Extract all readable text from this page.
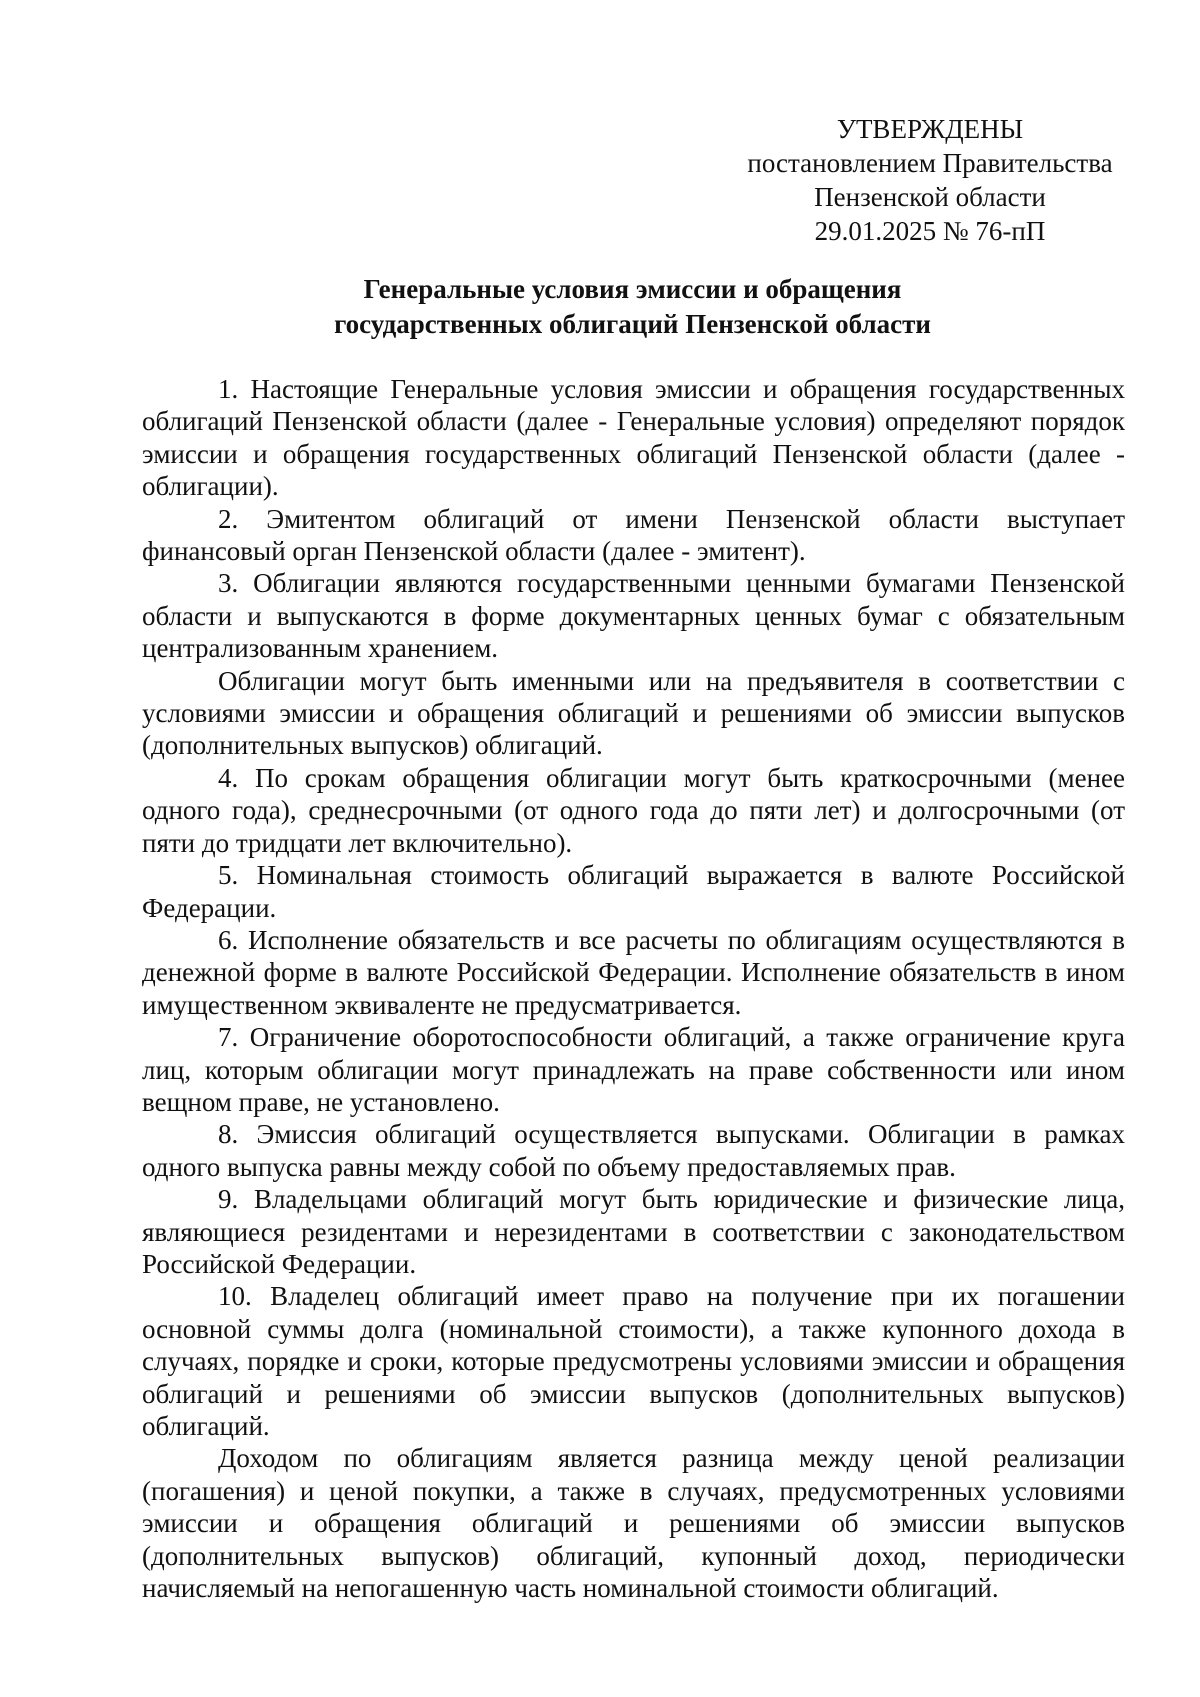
УТВЕРЖДЕНЫ
постановлением Правительства
Пензенской области
29.01.2025 № 76-пП
Генеральные условия эмиссии и обращения
государственных облигаций Пензенской области

1. Настоящие Генеральные условия эмиссии и обращения государственных облигаций Пензенской области (далее - Генеральные условия) определяют порядок эмиссии и обращения государственных облигаций Пензенской области (далее - облигации).

2. Эмитентом облигаций от имени Пензенской области выступает финансовый орган Пензенской области (далее - эмитент).

3. Облигации являются государственными ценными бумагами Пензенской области и выпускаются в форме документарных ценных бумаг с обязательным централизованным хранением.

Облигации могут быть именными или на предъявителя в соответствии с условиями эмиссии и обращения облигаций и решениями об эмиссии выпусков (дополнительных выпусков) облигаций.

4. По срокам обращения облигации могут быть краткосрочными (менее одного года), среднесрочными (от одного года до пяти лет) и долгосрочными (от пяти до тридцати лет включительно).

5. Номинальная стоимость облигаций выражается в валюте Российской Федерации.

6. Исполнение обязательств и все расчеты по облигациям осуществляются в денежной форме в валюте Российской Федерации. Исполнение обязательств в ином имущественном эквиваленте не предусматривается.

7. Ограничение оборотоспособности облигаций, а также ограничение круга лиц, которым облигации могут принадлежать на праве собственности или ином вещном праве, не установлено.

8. Эмиссия облигаций осуществляется выпусками. Облигации в рамках одного выпуска равны между собой по объему предоставляемых прав.

9. Владельцами облигаций могут быть юридические и физические лица, являющиеся резидентами и нерезидентами в соответствии с законодательством Российской Федерации.

10. Владелец облигаций имеет право на получение при их погашении основной суммы долга (номинальной стоимости), а также купонного дохода в случаях, порядке и сроки, которые предусмотрены условиями эмиссии и обращения облигаций и решениями об эмиссии выпусков (дополнительных выпусков) облигаций.

Доходом по облигациям является разница между ценой реализации (погашения) и ценой покупки, а также в случаях, предусмотренных условиями эмиссии и обращения облигаций и решениями об эмиссии выпусков (дополнительных выпусков) облигаций, купонный доход, периодически начисляемый на непогашенную часть номинальной стоимости облигаций.
